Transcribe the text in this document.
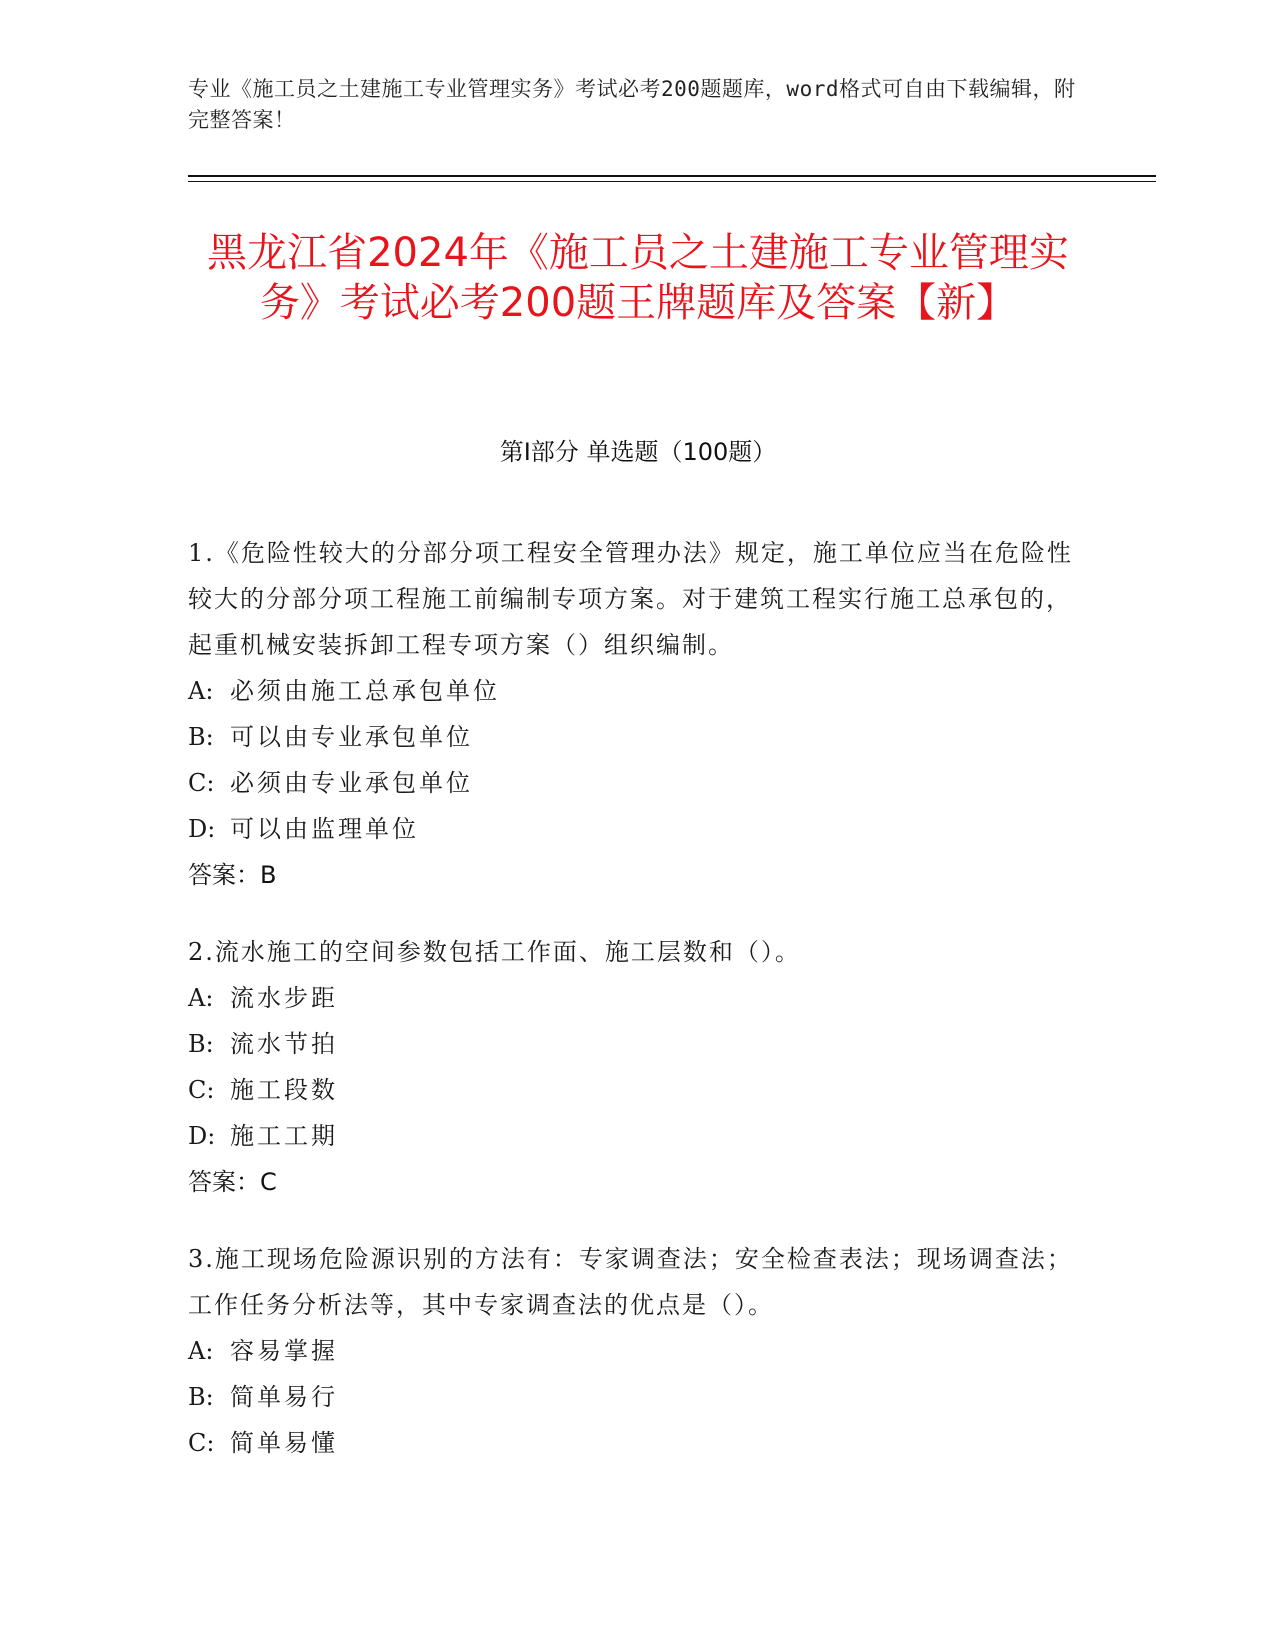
专业《施工员之土建施工专业管理实务》考试必考200题题库，word格式可自由下载编辑，附完整答案！
黑龙江省2024年《施工员之土建施工专业管理实务》考试必考200题王牌题库及答案【新】
第I部分 单选题（100题）
1.《危险性较大的分部分项工程安全管理办法》规定，施工单位应当在危险性较大的分部分项工程施工前编制专项方案。对于建筑工程实行施工总承包的，起重机械安装拆卸工程专项方案（）组织编制。
A: 必须由施工总承包单位
B: 可以由专业承包单位
C: 必须由专业承包单位
D: 可以由监理单位
答案：B
2.流水施工的空间参数包括工作面、施工层数和（）。
A: 流水步距
B: 流水节拍
C: 施工段数
D: 施工工期
答案：C
3.施工现场危险源识别的方法有：专家调查法；安全检查表法；现场调查法；工作任务分析法等，其中专家调查法的优点是（）。
A: 容易掌握
B: 简单易行
C: 简单易懂
